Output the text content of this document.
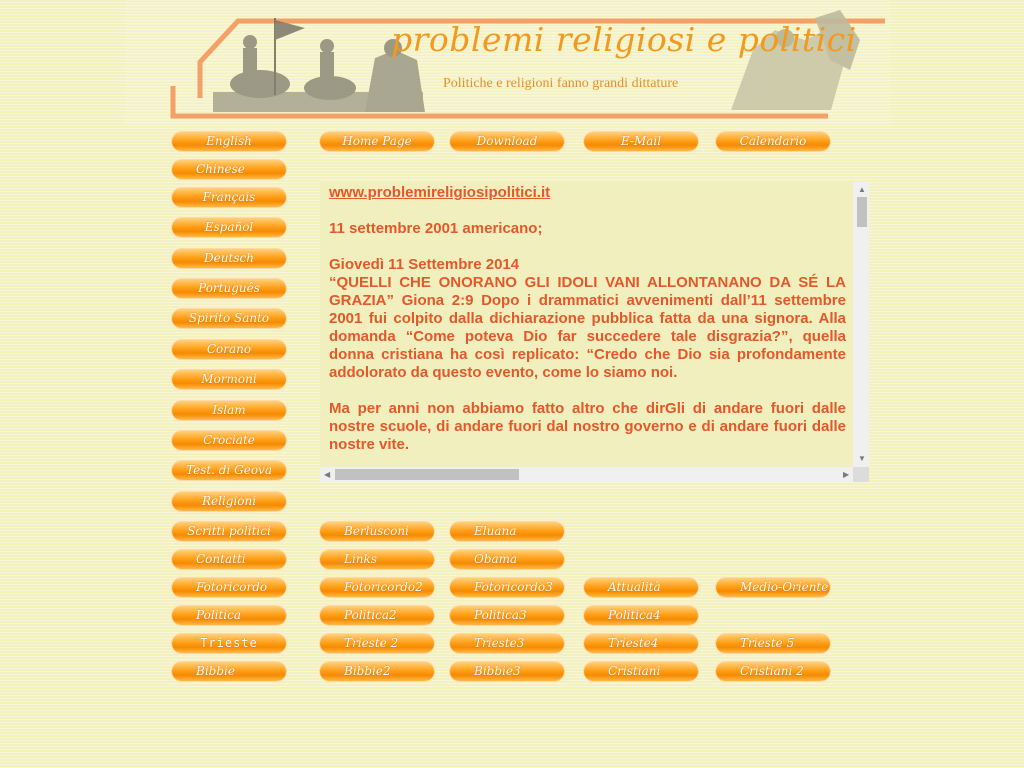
problemi religiosi e politici
Politiche e religioni fanno grandi dittature
English
Chinese
Français
Español
Deutsch
Português
Spirito Santo
Corano
Mormoni
Islam
Crociate
Test. di Geova
Religioni
Scritti politici
Contatti
Fotoricordo
Politica
Trieste
Bibbie
Home Page	Download	E-Mail	Calendario

www.problemireligiosipolitici.it

11 settembre 2001 americano;

Giovedì 11 Settembre 2014

“QUELLI CHE ONORANO GLI IDOLI VANI ALLONTANANO DA SÉ LA GRAZIA” Giona 2:9 Dopo i drammatici avvenimenti dall’11 settembre 2001 fui colpito dalla dichiarazione pubblica fatta da una signora. Alla domanda “Come poteva Dio far succedere tale disgrazia?”, quella donna cristiana ha così replicato: “Credo che Dio sia profondamente addolorato da questo evento, come lo siamo noi.

Ma per anni non abbiamo fatto altro che dirGli di andare fuori dalle nostre scuole, di andare fuori dal nostro governo e di andare fuori dalle nostre vite.

▲
▼
◀	▶
Berlusconi	Eluana
Links	Obama
Fotoricordo2	Fotoricordo3	Attualità	Medio-Oriente
Politica2	Politica3	Politica4
Trieste 2	Trieste3	Trieste4	Trieste 5
Bibbie2	Bibbie3	Cristiani	Cristiani 2
